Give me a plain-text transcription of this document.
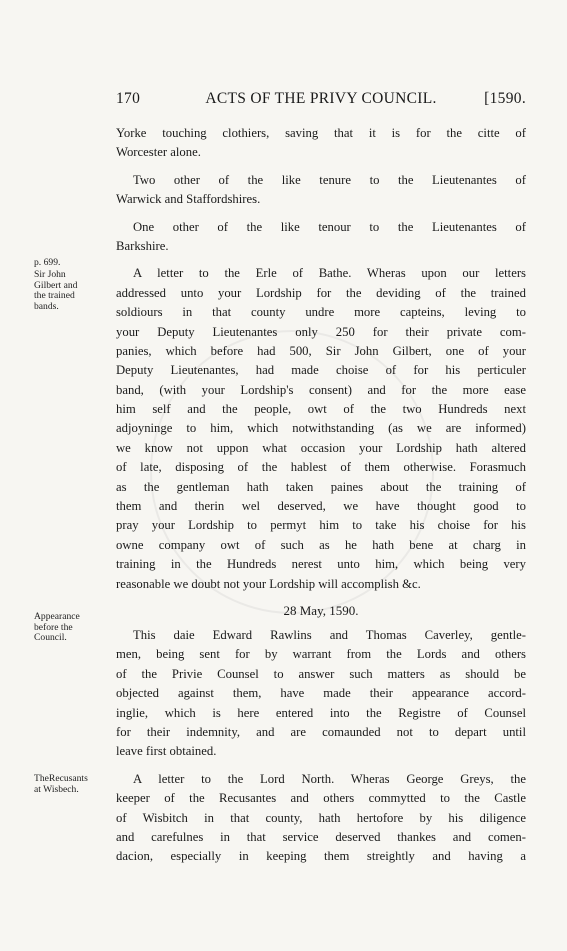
170	ACTS OF THE PRIVY COUNCIL.	[1590.
p. 699.
Sir John
Gilbert and
the trained
bands.
Appearance
before the
Council.
TheRecusants
at Wisbech.
Yorke touching clothiers, saving that it is for the citte of
Worcester alone.
Two other of the like tenure to the Lieutenantes of
Warwick and Staffordshires.
One other of the like tenour to the Lieutenantes of
Barkshire.
A letter to the Erle of Bathe. Wheras upon our letters
addressed unto your Lordship for the deviding of the trained
soldiours in that county undre more capteins, leving to
your Deputy Lieutenantes only 250 for their private com-
panies, which before had 500, Sir John Gilbert, one of your
Deputy Lieutenantes, had made choise of for his perticuler
band, (with your Lordship's consent) and for the more ease
him self and the people, owt of the two Hundreds next
adjoyninge to him, which notwithstanding (as we are informed)
we know not uppon what occasion your Lordship hath altered
of late, disposing of the hablest of them otherwise. Forasmuch
as the gentleman hath taken paines about the training of
them and therin wel deserved, we have thought good to
pray your Lordship to permyt him to take his choise for his
owne company owt of such as he hath bene at charg in
training in the Hundreds nerest unto him, which being very
reasonable we doubt not your Lordship will accomplish &c.
28 May, 1590.
This daie Edward Rawlins and Thomas Caverley, gentle-
men, being sent for by warrant from the Lords and others
of the Privie Counsel to answer such matters as should be
objected against them, have made their appearance accord-
inglie, which is here entered into the Registre of Counsel
for their indemnity, and are comaunded not to depart until
leave first obtained.
A letter to the Lord North. Wheras George Greys, the
keeper of the Recusantes and others commytted to the Castle
of Wisbitch in that county, hath hertofore by his diligence
and carefulnes in that service deserved thankes and comen-
dacion, especially in keeping them streightly and having a
